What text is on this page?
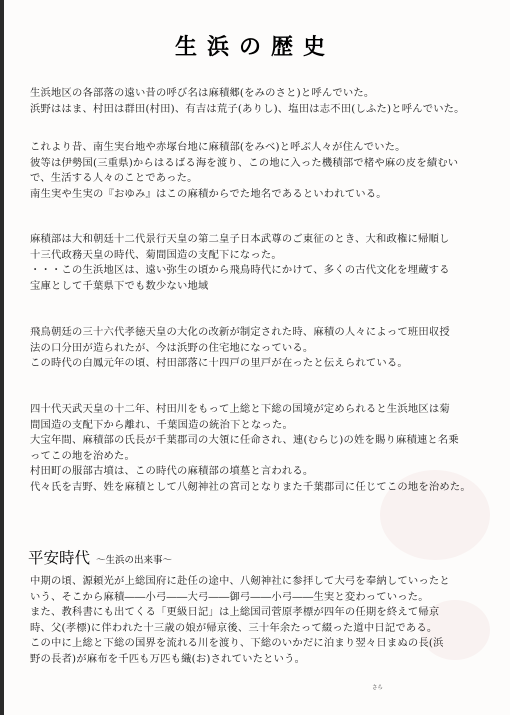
生浜の歴史
生浜地区の各部落の遠い昔の呼び名は麻積郷(をみのさと)と呼んでいた。
浜野ははま、村田は群田(村田)、有吉は荒子(ありし)、塩田は志不田(しふた)と呼んでいた。
これより昔、南生実台地や赤塚台地に麻積部(をみべ)と呼ぶ人々が住んでいた。
彼等は伊勢国(三重県)からはるばる海を渡り、この地に入った機積部で楮や麻の皮を績むい
で、生活する人々のことであった。
南生実や生実の『おゆみ』はこの麻積からでた地名であるといわれている。
麻積部は大和朝廷十二代景行天皇の第二皇子日本武尊のご東征のとき、大和政権に帰順し
十三代政務天皇の時代、菊間国造の支配下になった。
・・・この生浜地区は、遠い弥生の頃から飛鳥時代にかけて、多くの古代文化を埋蔵する
宝庫として千葉県下でも数少ない地域
飛鳥朝廷の三十六代孝徳天皇の大化の改新が制定された時、麻積の人々によって班田収授
法の口分田が造られたが、今は浜野の住宅地になっている。
この時代の白鳳元年の頃、村田部落に十四戸の里戸が在ったと伝えられている。
四十代天武天皇の十二年、村田川をもって上総と下総の国境が定められると生浜地区は菊
間国造の支配下から離れ、千葉国造の統治下となった。
大宝年間、麻積部の氏長が千葉郡司の大領に任命され、連(むらじ)の姓を賜り麻積連と名乗
ってこの地を治めた。
村田町の服部古墳は、この時代の麻積部の墳墓と言われる。
代々氏を吉野、姓を麻積として八剱神社の宮司となりまた千葉郡司に任じてこの地を治めた。
平安時代 ～生浜の出来事～
中期の頃、源頼光が上総国府に赴任の途中、八剱神社に参拝して大弓を奉納していったと
いう、そこから麻積――小弓――大弓――御弓――小弓――生実と変わっていった。
また、教科書にも出てくる「更級日記」は上総国司菅原孝標が四年の任期を終えて帰京
時、父(孝標)に伴われた十三歳の娘が帰京後、三十年余たって綴った道中日記である。
この中に上総と下総の国界を流れる川を渡り、下総のいかだに泊まり翌々日まぬの長(浜
野の長者)が麻布を千匹も万匹も織(お)されていたという。
さら
